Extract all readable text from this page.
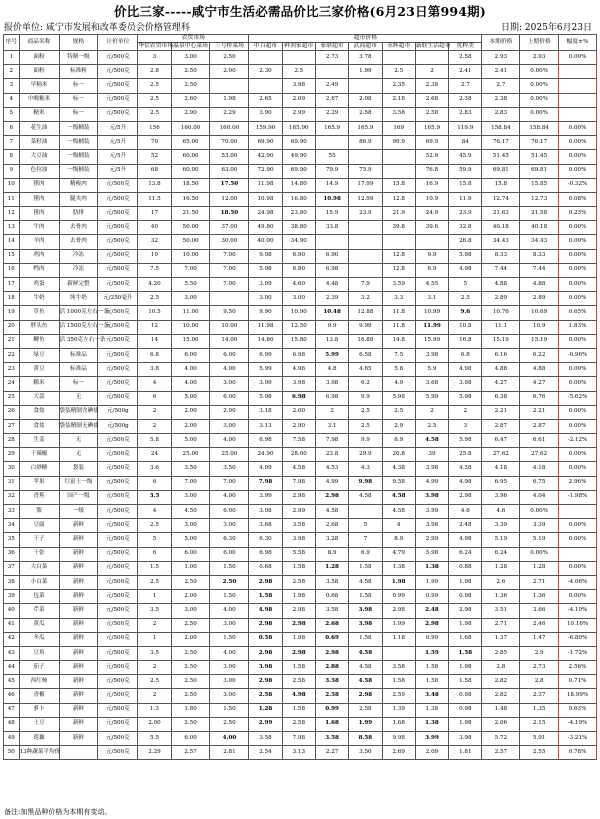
价比三家-----咸宁市生活必需品价比三家价格(6月23日第994期)
报价单位: 咸宁市发展和改革委员会价格管理科	日期: 2025年6月23日
序号	商品名称	规格	计价单位	农贸市场			超市价格							本期价格	上期价格	幅度±%
				华信农贸市场	温泉中心菜场	三号桥菜场	中百超市	鲜润家超市	家联超市	武商超市	永辉超市	新联生活超市	优粹美			
1	面粉	特制一级	元/500克	3	3.00	2.50			2.73	3.78			2.58	2.93	2.93	0.00%
2	面粉	标准粉	元/500克	2.8	2.50	2.00	2.30	2.5		1.99	2.5	2	2.41	2.41	0.00%	
3	早籼米	标一	元/500克	2.5	2.50			3.98	2.49		2.35	2.38	2.7	2.7	0.00%	
4	中晚籼米	标一	元/500克	2.5	2.60	1.98	2.65	2.09	2.67	2.08	2.18	2.68	2.38	2.38	0.00%	
5	粳米	标一	元/500克	2.5	2.90	2.29	3.90	2.99	2.29	2.58	3.58	2.58	2.83	2.83	0.00%	
6	花生油	一级桶装	元/5升	156	160.00	160.00	159.90	165.90	165.9	165.9	169	165.9	119.9	158.84	158.84	0.00%
7	菜籽油	一级桶装	元/5升	70	65.00	70.00	69.90	69.90		86.9	99.9	69.9	84	76.17	76.17	0.00%
8	大豆油	一级桶装	元/5升	52	60.00	53.00	42.90	49.90	55			52.9	45.9	51.45	51.45	0.00%
9	色拉油	一级桶装	元/5升	68	60.00	63.00	72.90	69.90	79.9	75.9		76.8	59.9	69.81	69.81	0.00%
10	猪肉	精瘦肉	元/500克	13.8	18.50	17.50	11.98	14.80	14.9	17.99	15.8	16.9	15.8	15.8	15.85	-0.32%
11	猪肉	腿夹肉	元/500克	11.5	16.50	12.00	10.98	16.80	10.98	12.99	12.8	10.9	11.9	12.74	12.73	0.08%
12	猪肉	肋排	元/500克	17	21.50	18.50	24.98	23.80	15.9	23.9	21.9	24.9	23.9	21.63	21.58	0.23%
13	牛肉	去骨肉	元/500克	40	50.00	37.00	49.80	38.80	33.8		39.8	39.6	32.8	40.18	40.18	0.00%
14	羊肉	去骨肉	元/500克	32	50.00	30.00	40.00	34.90					26.8	34.43	34.43	0.00%
15	鸡肉	冷冻	元/500克	10	10.00	7.00	9.98	6.90	6.90		12.8	9.9	5.98	8.33	8.33	0.00%
16	鸭肉	冷冻	元/500克	7.5	7.00	7.00	5.98	6.80	6.98		12.8	6.9	4.98	7.44	7.44	0.00%
17	鸡蛋	新鲜完整	元/500克	4.20	5.50	7.00	3.99	4.60	4.48	7.9	3.59	4.55	5	4.88	4.88	0.00%
18	牛奶	纯牛奶	元/250毫升	2.5	3.00		3.00	3.00	2.39	3.2	3.3	3.1	2.5	2.89	2.89	0.00%
19	草鱼	活 1000克左右一条	元/500克	10.5	11.00	9.50	9.90	10.90	10.48	12.88	11.8	10.99	9.6	10.76	10.69	0.65%
20	胖头鱼	活 1500克左右一条	元/500克	12	10.00	10.00	11.98	12.50	9.9	9.99	11.8	11.99	10.8	11.1	10.9	1.83%
21	鲫鱼	活 350克左右一条	元/500克	14	15.00	14.00	14.80	15.80	13.8	16.88	14.8	15.99	16.8	15.19	15.19	0.00%
22	绿豆	标准品	元/500克	6.8	6.00	6.00	6.99	6.98	5.99	6.58	7.5	3.98	6.8	6.16	6.22	-0.96%
23	黄豆	标准品	元/500克	3.8	4.00	4.00	5.99	4.98	4.8	4.65	5.8	5.9	4.98	4.88	4.88	0.00%
24	糯米	标一	元/500克	4	4.00	3.00	3.99	3.98	3.98	6.2	4.9	3.68	3.98	4.27	4.27	0.00%
25	大蒜	无	元/500克	6	5.00	6.00	5.98	6.98	6.98	9.9	5.98	5.99	5.98	6.38	6.76	-5.62%
26	食盐	袋装精制含碘盐	元/500g	2	2.00	2.00	3.18	2.00	2	2.5	2.5	2	2	2.21	2.21	0.00%
27	食盐	袋装精制无碘盐	元/500g	2	2.00	3.00	3.13	2.90	3.1	2.5	2.9	2.5	3	2.87	2.87	0.00%
28	生姜	无	元/500克	5.8	5.00	4.00	6.98	7.58	7.98	9.9	6.9	4.58	5.98	6.47	6.61	-2.12%
29	干辣椒	无	元/500克	24	25.00	25.00	24.90	28.00	23.8	29.9	20.8	39	25.8	27.62	27.62	0.00%
30	白砂糖	袋装	元/500克	3.6	3.50	3.50	4.99	4.58	4.53	4.3	4.38	3.98	4.38	4.18	4.18	0.00%
31	苹果	红富士一级	元/500克	6	7.00	7.00	7.98	7.98	4.99	9.98	9.58	4.99	4.98	6.95	6.75	2.96%
32	香蕉	国产一级	元/500克	3.5	3.00	4.00	3.99	2.98	2.98	4.58	4.58	3.98	2.98	3.96	4.04	-1.98%
33	梨	一级	元/500克	4	4.50	6.00	3.98	2.99	4.58		4.58	3.99	4.6	4.6	0.00%	
34	豆腐	新鲜	元/500克	2.5	3.00	3.00	3.68	3.58	2.68	5	4	3.98	2.48	3.39	3.39	0.00%
35	干子	新鲜	元/500克	5	5.00	6.30	6.30	3.98	3.28	7	8.9	2.99	4.98	5.19	5.19	0.00%
36	干张	新鲜	元/500克	6	6.00	6.00	6.98	5.58	8.9	6.9	4.79	5.98	6.24	6.24	0.00%	
37	大白菜	新鲜	元/500克	1.5	1.00	1.50	0.68	1.58	1.28	1.58	1.38	1.38	0.88	1.28	1.28	0.00%
38	小白菜	新鲜	元/500克	2.5	2.50	2.50	2.98	2.58	3.58	4.58	1.98	1.99	1.98	2.6	2.71	-4.06%
39	包菜	新鲜	元/500克	1	2.00	1.50	1.58	1.98	0.68	1.58	0.99	0.99	0.98	1.36	1.36	0.00%
40	芹菜	新鲜	元/500克	3.5	3.00	4.00	4.98	2.98	3.58	3.98	2.98	2.48	2.98	3.51	3.66	-4.10%
41	黄瓜	新鲜	元/500克	2	2.50	3.00	2.98	2.98	2.68	3.98	1.99	2.98	1.98	2.71	2.46	10.16%
42	冬瓜	新鲜	元/500克	1	2.00	1.50	0.58	1.98	0.69	1.58	1.18	0.99	1.68	1.37	1.47	-6.80%
43	豆角	新鲜	元/500克	3.5	2.50	4.00	2.98	2.98	2.98	4.58		1.59	1.58	2.85	2.9	-1.72%
44	茄子	新鲜	元/500克	2	2.50	3.00	3.98	1.58	2.88	4.58	3.58	1.58	1.98	2.8	2.73	2.56%
45	西红柿	新鲜	元/500克	2.5	2.50	3.00	2.98	2.58	3.58	4.58	1.58	1.58	1.58	2.82	2.8	0.71%
46	青椒	新鲜	元/500克	2	2.50	3.00	2.58	4.98	2.58	2.98	2.59	3.48	0.98	2.82	2.37	18.99%
47	萝卜	新鲜	元/500克	1.3	1.80	1.50	1.28	1.58	0.99	2.58	1.39	1.38	0.98	1.48	1.35	9.63%
48	土豆	新鲜	元/500克	2.00	2.50	2.50	2.99	2.58	1.68	1.99	1.68	1.38	1.98	2.06	2.15	-4.19%
49	莲藕	新鲜	元/500克	5.5	6.00	4.00	3.58	7.98	3.58	8.58	9.98	3.99	3.98	5.72	5.91	-3.21%
50	13种蔬菜平均价		元/500克	2.29	2.57	2.81	2.54	3.13	2.27	3.50	2.69	2.09	1.81	2.57	2.55	0.78%
备注:加黑品种价格为本期有变动。
